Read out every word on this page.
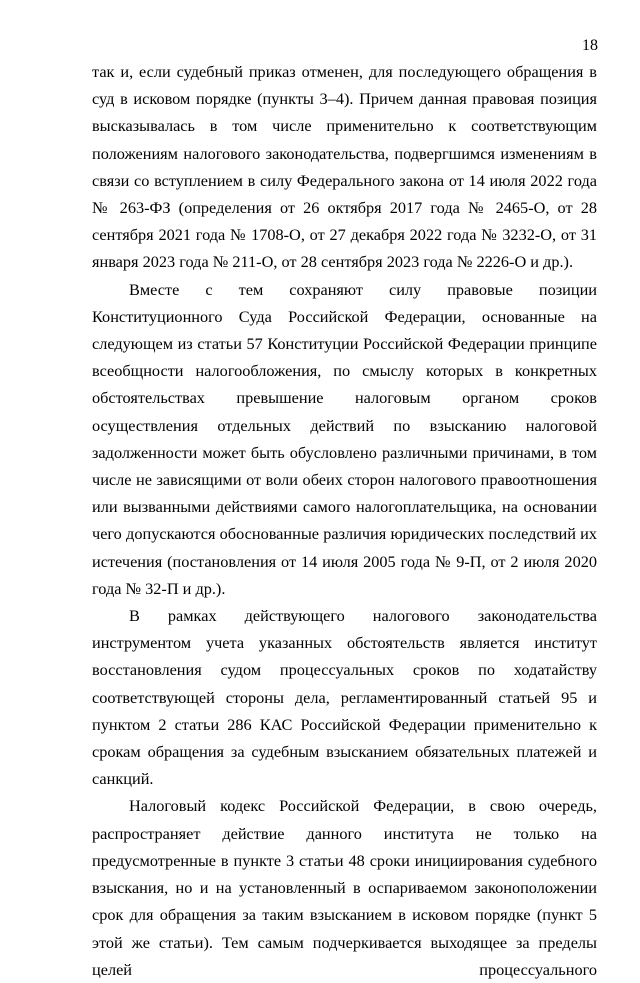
18

так и, если судебный приказ отменен, для последующего обращения в суд в исковом порядке (пункты 3–4). Причем данная правовая позиция высказывалась в том числе применительно к соответствующим положениям налогового законодательства, подвергшимся изменениям в связи со вступлением в силу Федерального закона от 14 июля 2022 года № 263-ФЗ (определения от 26 октября 2017 года № 2465-О, от 28 сентября 2021 года № 1708-О, от 27 декабря 2022 года № 3232-О, от 31 января 2023 года № 211-О, от 28 сентября 2023 года № 2226-О и др.).

Вместе с тем сохраняют силу правовые позиции Конституционного Суда Российской Федерации, основанные на следующем из статьи 57 Конституции Российской Федерации принципе всеобщности налогообложения, по смыслу которых в конкретных обстоятельствах превышение налоговым органом сроков осуществления отдельных действий по взысканию налоговой задолженности может быть обусловлено различными причинами, в том числе не зависящими от воли обеих сторон налогового правоотношения или вызванными действиями самого налогоплательщика, на основании чего допускаются обоснованные различия юридических последствий их истечения (постановления от 14 июля 2005 года № 9-П, от 2 июля 2020 года № 32-П и др.).

В рамках действующего налогового законодательства инструментом учета указанных обстоятельств является институт восстановления судом процессуальных сроков по ходатайству соответствующей стороны дела, регламентированный статьей 95 и пунктом 2 статьи 286 КАС Российской Федерации применительно к срокам обращения за судебным взысканием обязательных платежей и санкций.

Налоговый кодекс Российской Федерации, в свою очередь, распространяет действие данного института не только на предусмотренные в пункте 3 статьи 48 сроки инициирования судебного взыскания, но и на установленный в оспариваемом законоположении срок для обращения за таким взысканием в исковом порядке (пункт 5 этой же статьи). Тем самым подчеркивается выходящее за пределы целей процессуального
